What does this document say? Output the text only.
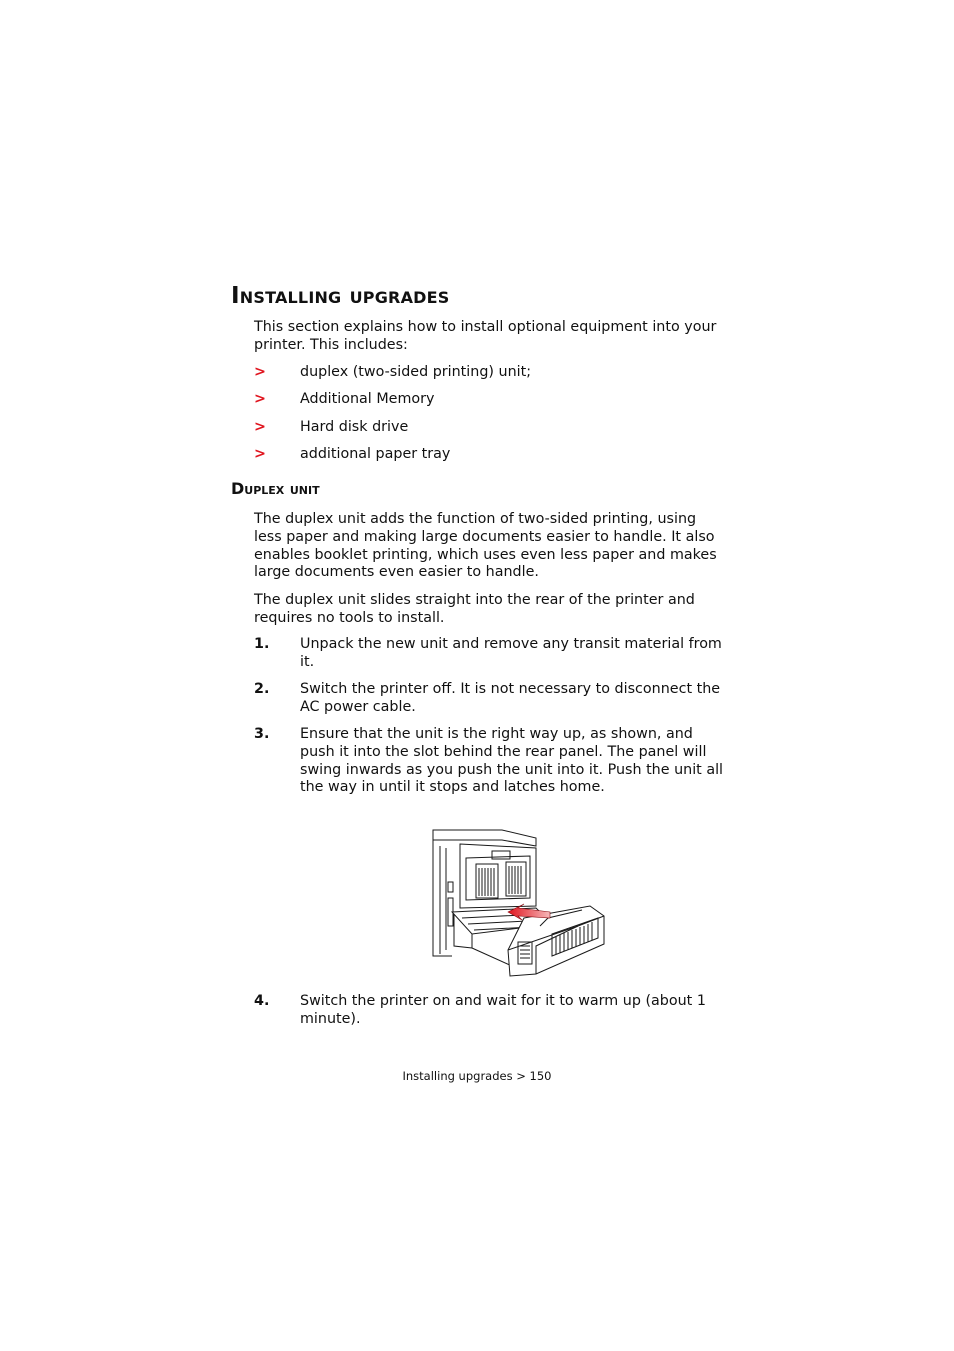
Installing upgrades

This section explains how to install optional equipment into your printer. This includes:

> duplex (two-sided printing) unit;
> Additional Memory
> Hard disk drive
> additional paper tray
Duplex unit

The duplex unit adds the function of two-sided printing, using less paper and making large documents easier to handle. It also enables booklet printing, which uses even less paper and makes large documents even easier to handle.

The duplex unit slides straight into the rear of the printer and requires no tools to install.

1. Unpack the new unit and remove any transit material from it.
2. Switch the printer off. It is not necessary to disconnect the AC power cable.
3. Ensure that the unit is the right way up, as shown, and push it into the slot behind the rear panel. The panel will swing inwards as you push the unit into it. Push the unit all the way in until it stops and latches home.
4. Switch the printer on and wait for it to warm up (about 1 minute).

Installing upgrades > 150
